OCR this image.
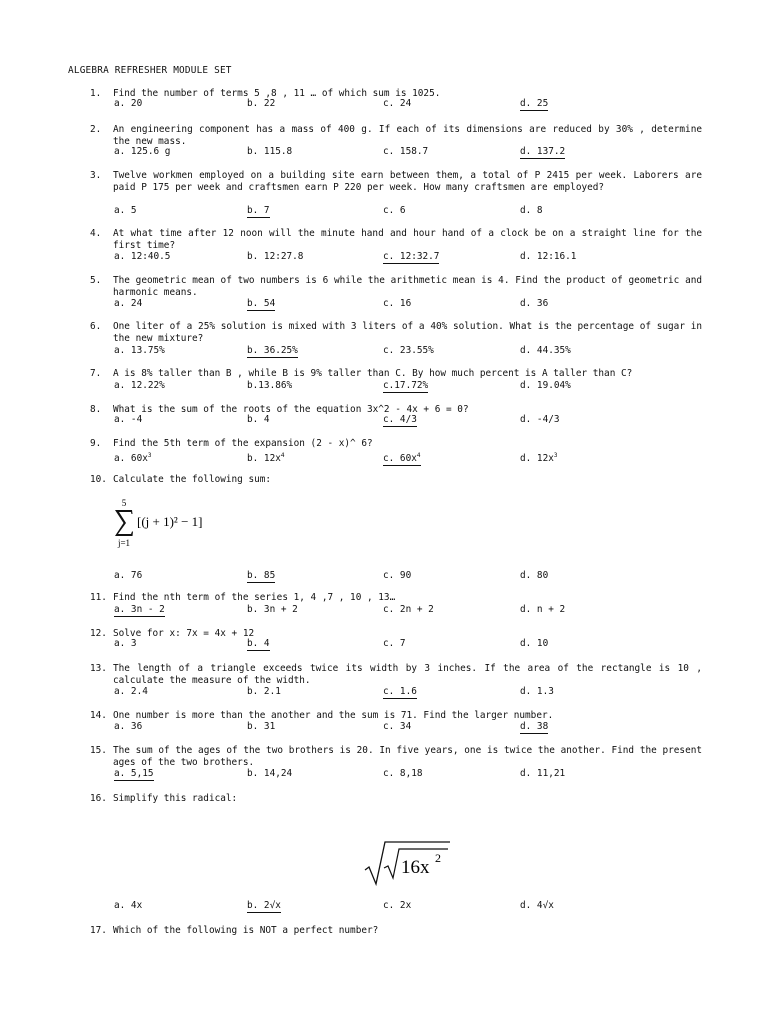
ALGEBRA REFRESHER MODULE SET
1. Find the number of terms 5 ,8 , 11 … of which sum is 1025.
a. 20	b. 22	c. 24	d. 25
2. An engineering component has a mass of 400 g. If each of its dimensions are reduced by 30% , determine the new mass.
a. 125.6 g	b. 115.8	c. 158.7	d. 137.2
3. Twelve workmen employed on a building site earn between them, a total of P 2415 per week. Laborers are paid P 175 per week and craftsmen earn P 220 per week. How many craftsmen are employed?
a. 5	b. 7	c. 6	d. 8
4. At what time after 12 noon will the minute hand and hour hand of a clock be on a straight line for the first time?
a. 12:40.5	b. 12:27.8	c. 12:32.7	d. 12:16.1
5. The geometric mean of two numbers is 6 while the arithmetic mean is 4. Find the product of geometric and harmonic means.
a. 24	b. 54	c. 16	d. 36
6. One liter of a 25% solution is mixed with 3 liters of a 40% solution. What is the percentage of sugar in the new mixture?
a. 13.75%	b. 36.25%	c. 23.55%	d. 44.35%
7. A is 8% taller than B , while B is 9% taller than C. By how much percent is A taller than C?
a. 12.22%	b.13.86%	c.17.72%	d. 19.04%
8. What is the sum of the roots of the equation 3x^2 - 4x + 6 = 0?
a. -4	b. 4	c. 4/3	d. -4/3
9. Find the 5th term of the expansion (2 - x)^ 6?
a. $60x^3$	b. $12x^4$	c. $60x^4$	d. $12x^3$
10. Calculate the following sum:
a. 76	b. 85	c. 90	d. 80
11. Find the nth term of the series 1, 4 ,7 , 10 , 13…
a. 3n - 2	b. 3n + 2	c. 2n + 2	d. n + 2
12. Solve for x: 7x = 4x + 12
a. 3	b. 4	c. 7	d. 10
13. The length of a triangle exceeds twice its width by 3 inches. If the area of the rectangle is 10 , calculate the measure of the width.
a. 2.4	b. 2.1	c. 1.6	d. 1.3
14. One number is more than the another and the sum is 71. Find the larger number.
a. 36	b. 31	c. 34	d. 38
15. The sum of the ages of the two brothers is 20. In five years, one is twice the another. Find the present ages of the two brothers.
a. 5,15	b. 14,24	c. 8,18	d. 11,21
16. Simplify this radical:
a. 4x	b. 2√x	c. 2x	d. 4√x
17. Which of the following is NOT a perfect number?
5
j=1
[(j + 1)² − 1]
16x 2
